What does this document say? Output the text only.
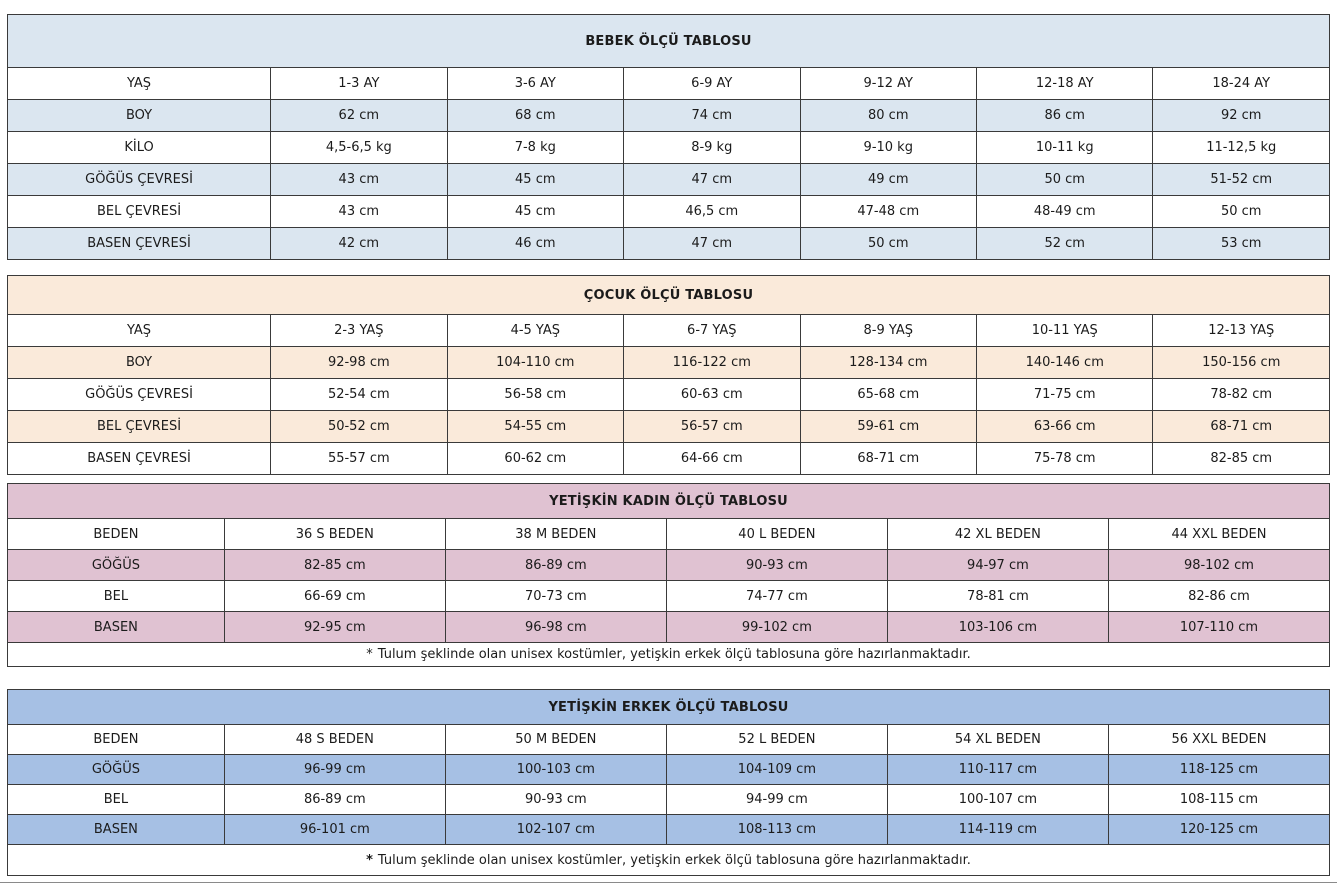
BEBEK ÖLÇÜ TABLOSU						
YAŞ	1-3 AY	3-6 AY	6-9 AY	9-12 AY	12-18 AY	18-24 AY
BOY	62 cm	68 cm	74 cm	80 cm	86 cm	92 cm
KİLO	4,5-6,5 kg	7-8 kg	8-9 kg	9-10 kg	10-11 kg	11-12,5 kg
GÖĞÜS ÇEVRESİ	43 cm	45 cm	47 cm	49 cm	50 cm	51-52 cm
BEL ÇEVRESİ	43 cm	45 cm	46,5 cm	47-48 cm	48-49 cm	50 cm
BASEN ÇEVRESİ	42 cm	46 cm	47 cm	50 cm	52 cm	53 cm
ÇOCUK ÖLÇÜ TABLOSU						
YAŞ	2-3 YAŞ	4-5 YAŞ	6-7 YAŞ	8-9 YAŞ	10-11 YAŞ	12-13 YAŞ
BOY	92-98 cm	104-110 cm	116-122 cm	128-134 cm	140-146 cm	150-156 cm
GÖĞÜS ÇEVRESİ	52-54 cm	56-58 cm	60-63 cm	65-68 cm	71-75 cm	78-82 cm
BEL ÇEVRESİ	50-52 cm	54-55 cm	56-57 cm	59-61 cm	63-66 cm	68-71 cm
BASEN ÇEVRESİ	55-57 cm	60-62 cm	64-66 cm	68-71 cm	75-78 cm	82-85 cm
YETİŞKİN KADIN ÖLÇÜ TABLOSU					
BEDEN	36 S BEDEN	38 M BEDEN	40 L BEDEN	42 XL BEDEN	44 XXL BEDEN
GÖĞÜS	82-85 cm	86-89 cm	90-93 cm	94-97 cm	98-102 cm
BEL	66-69 cm	70-73 cm	74-77 cm	78-81 cm	82-86 cm
BASEN	92-95 cm	96-98 cm	99-102 cm	103-106 cm	107-110 cm
* Tulum şeklinde olan unisex kostümler, yetişkin erkek ölçü tablosuna göre hazırlanmaktadır.					
YETİŞKİN ERKEK ÖLÇÜ TABLOSU					
BEDEN	48 S BEDEN	50 M BEDEN	52 L BEDEN	54 XL BEDEN	56 XXL BEDEN
GÖĞÜS	96-99 cm	100-103 cm	104-109 cm	110-117 cm	118-125 cm
BEL	86-89 cm	90-93 cm	94-99 cm	100-107 cm	108-115 cm
BASEN	96-101 cm	102-107 cm	108-113 cm	114-119 cm	120-125 cm
* Tulum şeklinde olan unisex kostümler, yetişkin erkek ölçü tablosuna göre hazırlanmaktadır.					
